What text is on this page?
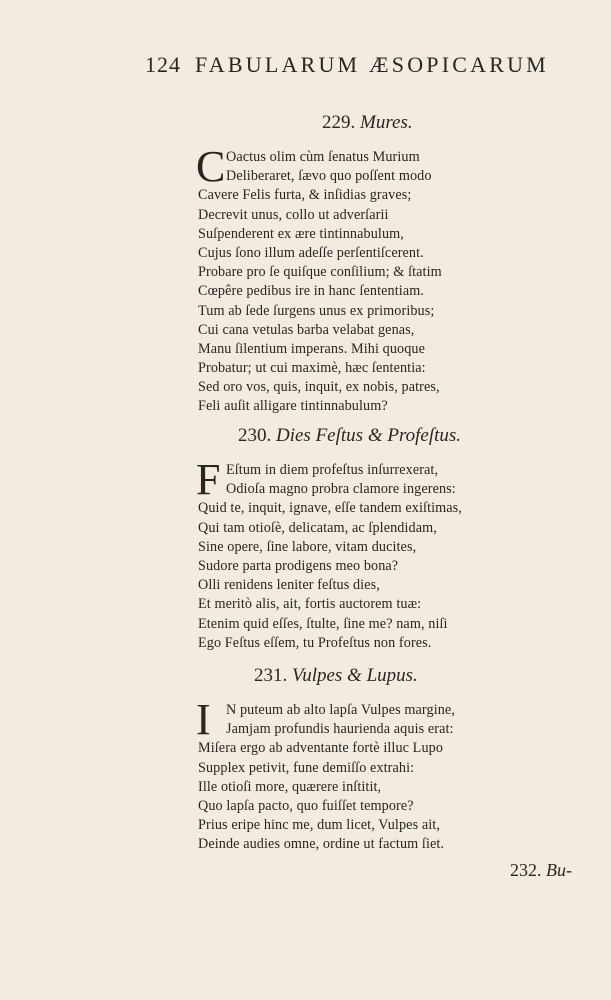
124 FABULARUM ÆSOPICARUM
229. Mures.
C Oactus olim cùm ſenatus Murium
Deliberaret, ſævo quo poſſent modo
Cavere Felis furta, & inſidias graves;
Decrevit unus, collo ut adverſarii
Suſpenderent ex ære tintinnabulum,
Cujus ſono illum adeſſe perſentiſcerent.
Probare pro ſe quiſque conſilium; & ſtatim
Cœpêre pedibus ire in hanc ſententiam.
Tum ab ſede ſurgens unus ex primoribus;
Cui cana vetulas barba velabat genas,
Manu ſilentium imperans. Mihi quoque
Probatur; ut cui maximè, hæc ſententia:
Sed oro vos, quis, inquit, ex nobis, patres,
Feli auſit alligare tintinnabulum?
230. Dies Feſtus & Profeſtus.
F Eſtum in diem profeſtus inſurrexerat,
Odioſa magno probra clamore ingerens:
Quid te, inquit, ignave, eſſe tandem exiſtimas,
Qui tam otioſè, delicatam, ac ſplendidam,
Sine opere, ſine labore, vitam ducites,
Sudore parta prodigens meo bona?
Olli renidens leniter feſtus dies,
Et meritò alis, ait, fortis auctorem tuæ:
Etenim quid eſſes, ſtulte, ſine me? nam, niſi
Ego Feſtus eſſem, tu Profeſtus non fores.
231. Vulpes & Lupus.
I	N puteum ab alto lapſa Vulpes margine,
Jamjam profundis haurienda aquis erat:
Miſera ergo ab adventante fortè illuc Lupo
Supplex petivit, fune demiſſo extrahi:
Ille otioſi more, quærere inſtitit,
Quo lapſa pacto, quo fuiſſet tempore?
Prius eripe hinc me, dum licet, Vulpes ait,
Deinde audies omne, ordine ut factum ſiet.
232. Bu-
